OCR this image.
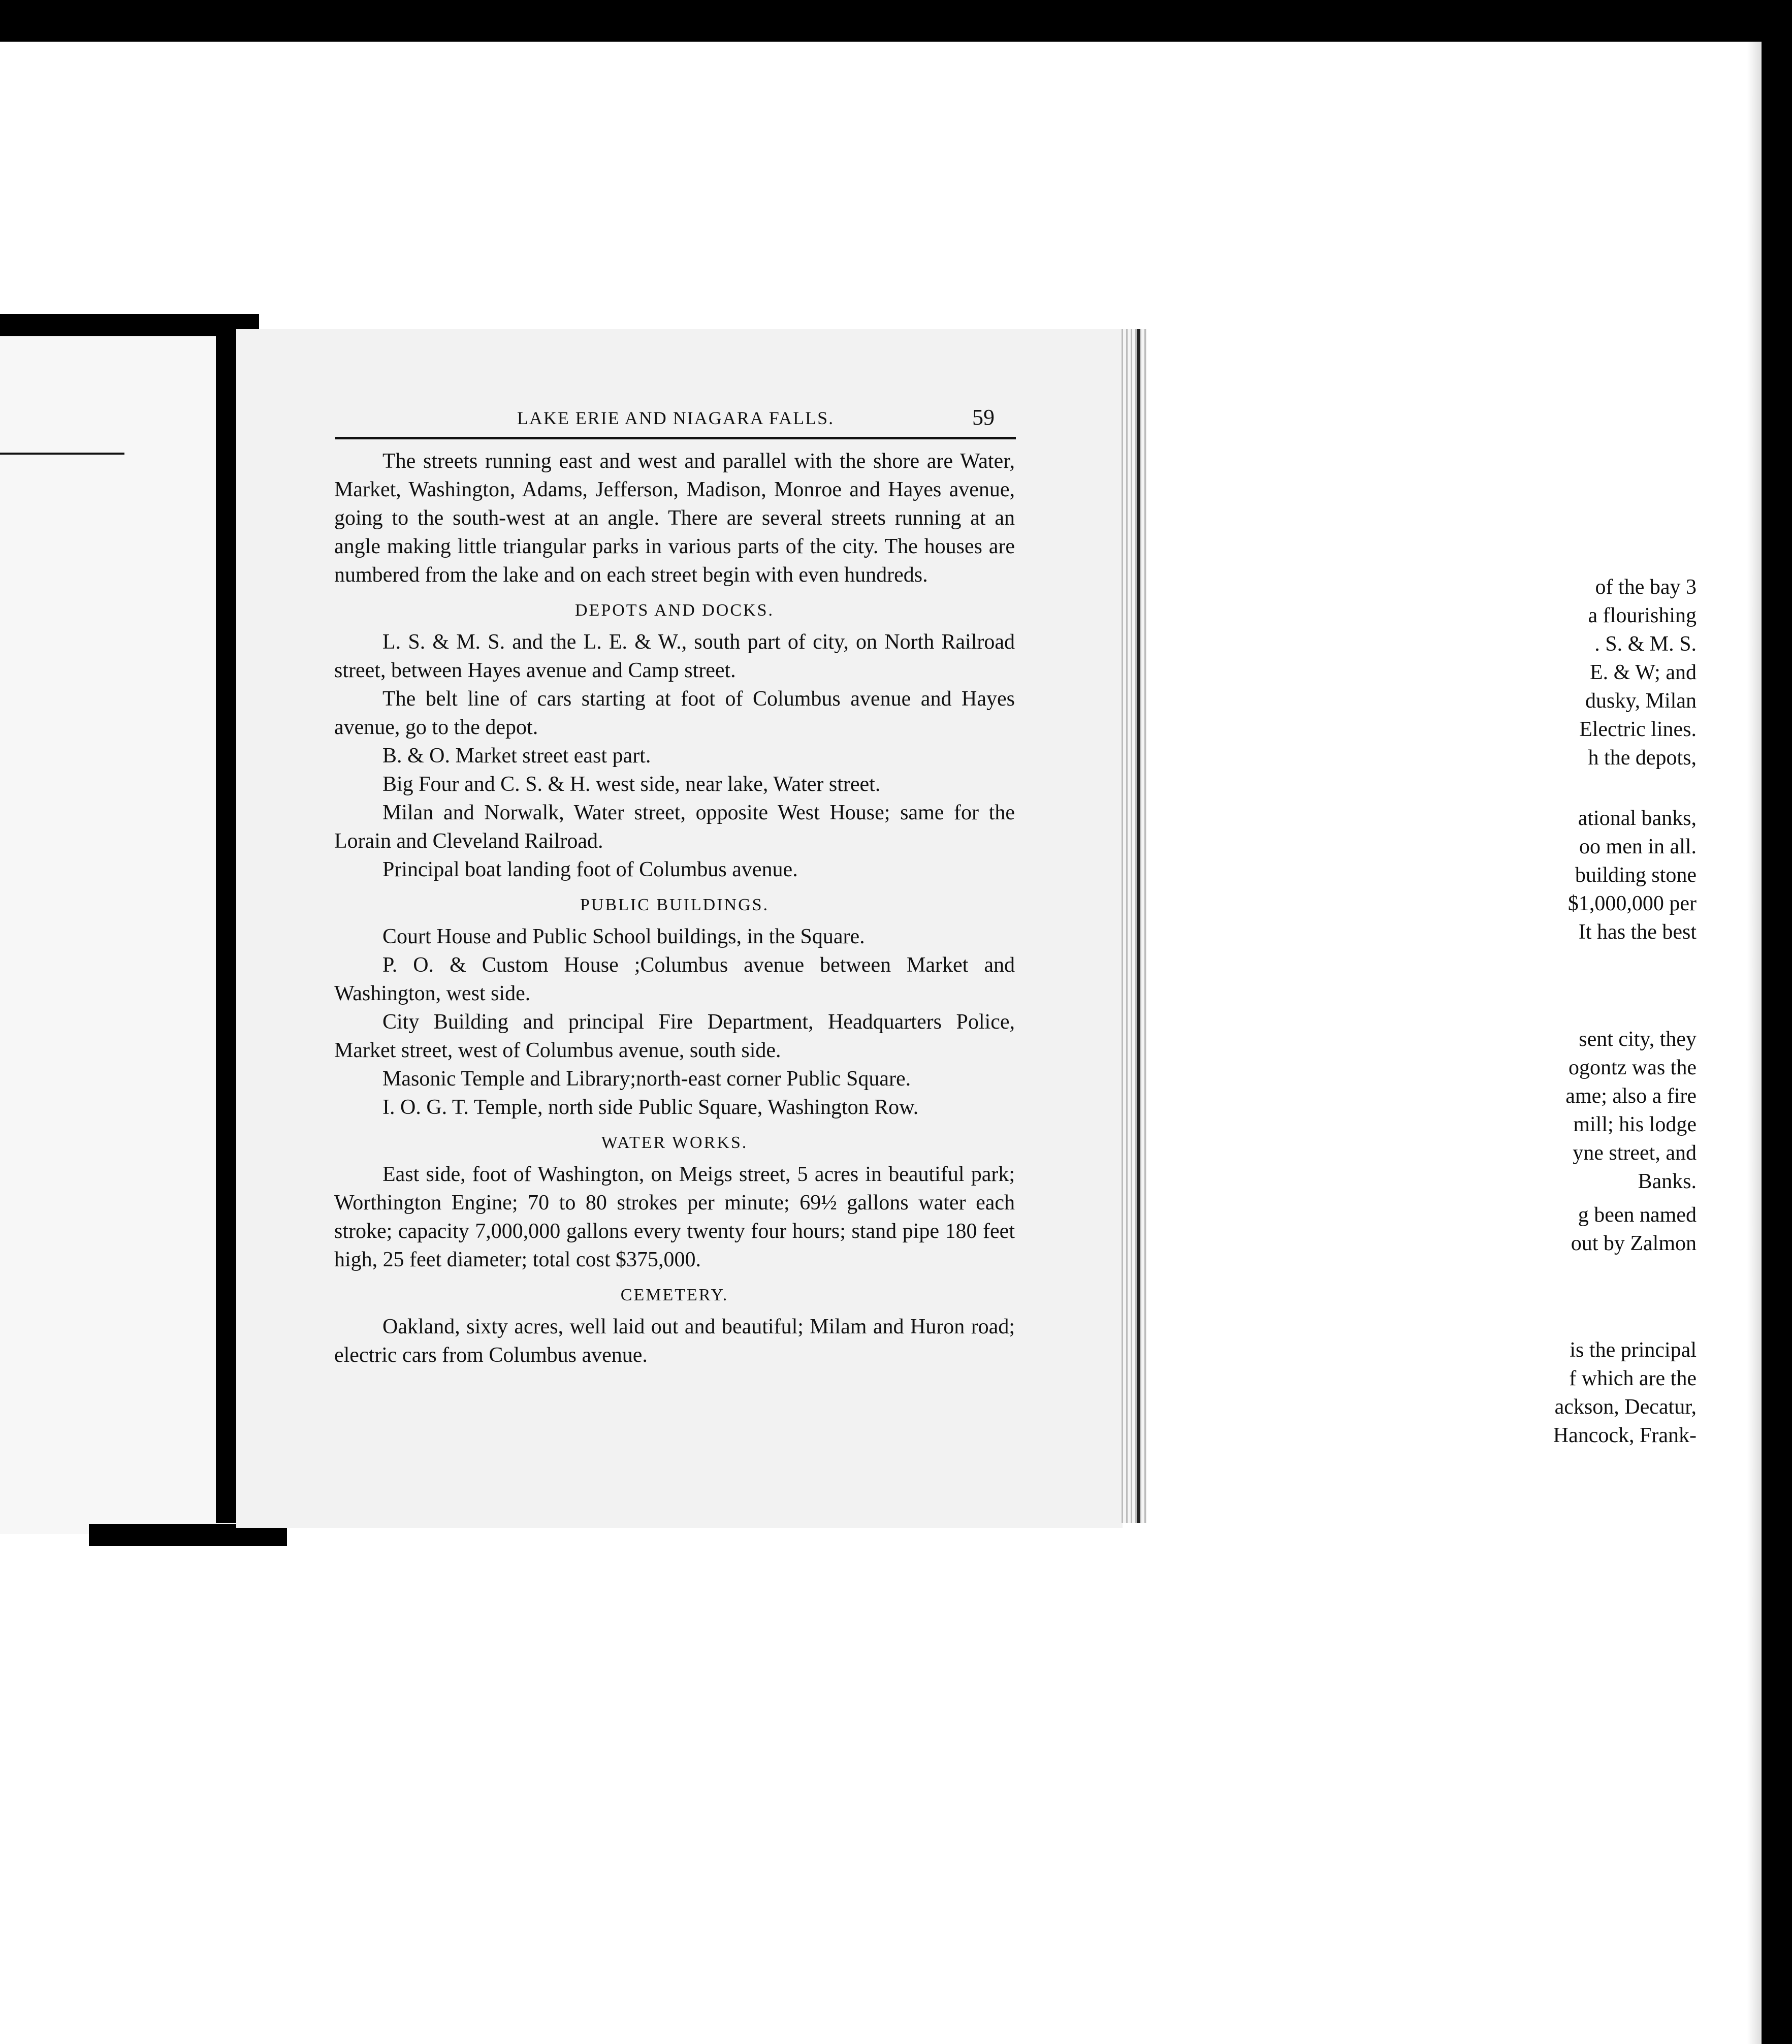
of the bay 3
a flourishing
. S. & M. S.
E. & W; and
dusky, Milan
Electric lines.
h the depots,
ational banks,
oo men in all.
building stone
$1,000,000 per
It has the best
sent city, they
ogontz was the
ame; also a fire
mill; his lodge
yne street, and
Banks.
g been named
out by Zalmon
is the principal
f which are the
ackson, Decatur,
Hancock, Frank-
LAKE ERIE AND NIAGARA FALLS.	59

The streets running east and west and parallel with the shore are Water, Market, Washington, Adams, Jefferson, Madison, Monroe and Hayes avenue, going to the south-west at an angle. There are several streets running at an angle making little triangular parks in various parts of the city. The houses are numbered from the lake and on each street begin with even hundreds.

DEPOTS AND DOCKS.

L. S. & M. S. and the L. E. & W., south part of city, on North Railroad street, between Hayes avenue and Camp street.

The belt line of cars starting at foot of Columbus avenue and Hayes avenue, go to the depot.

B. & O. Market street east part.

Big Four and C. S. & H. west side, near lake, Water street.

Milan and Norwalk, Water street, opposite West House; same for the Lorain and Cleveland Railroad.

Principal boat landing foot of Columbus avenue.

PUBLIC BUILDINGS.

Court House and Public School buildings, in the Square.

P. O. & Custom House ;Columbus avenue between Market and Washington, west side.

City Building and principal Fire Department, Headquarters Police, Market street, west of Columbus avenue, south side.

Masonic Temple and Library;north-east corner Public Square.

I. O. G. T. Temple, north side Public Square, Washington Row.

WATER WORKS.

East side, foot of Washington, on Meigs street, 5 acres in beautiful park; Worthington Engine; 70 to 80 strokes per minute; 69½ gallons water each stroke; capacity 7,000,000 gallons every twenty four hours; stand pipe 180 feet high, 25 feet diameter; total cost $375,000.

CEMETERY.

Oakland, sixty acres, well laid out and beautiful; Milam and Huron road; electric cars from Columbus avenue.
